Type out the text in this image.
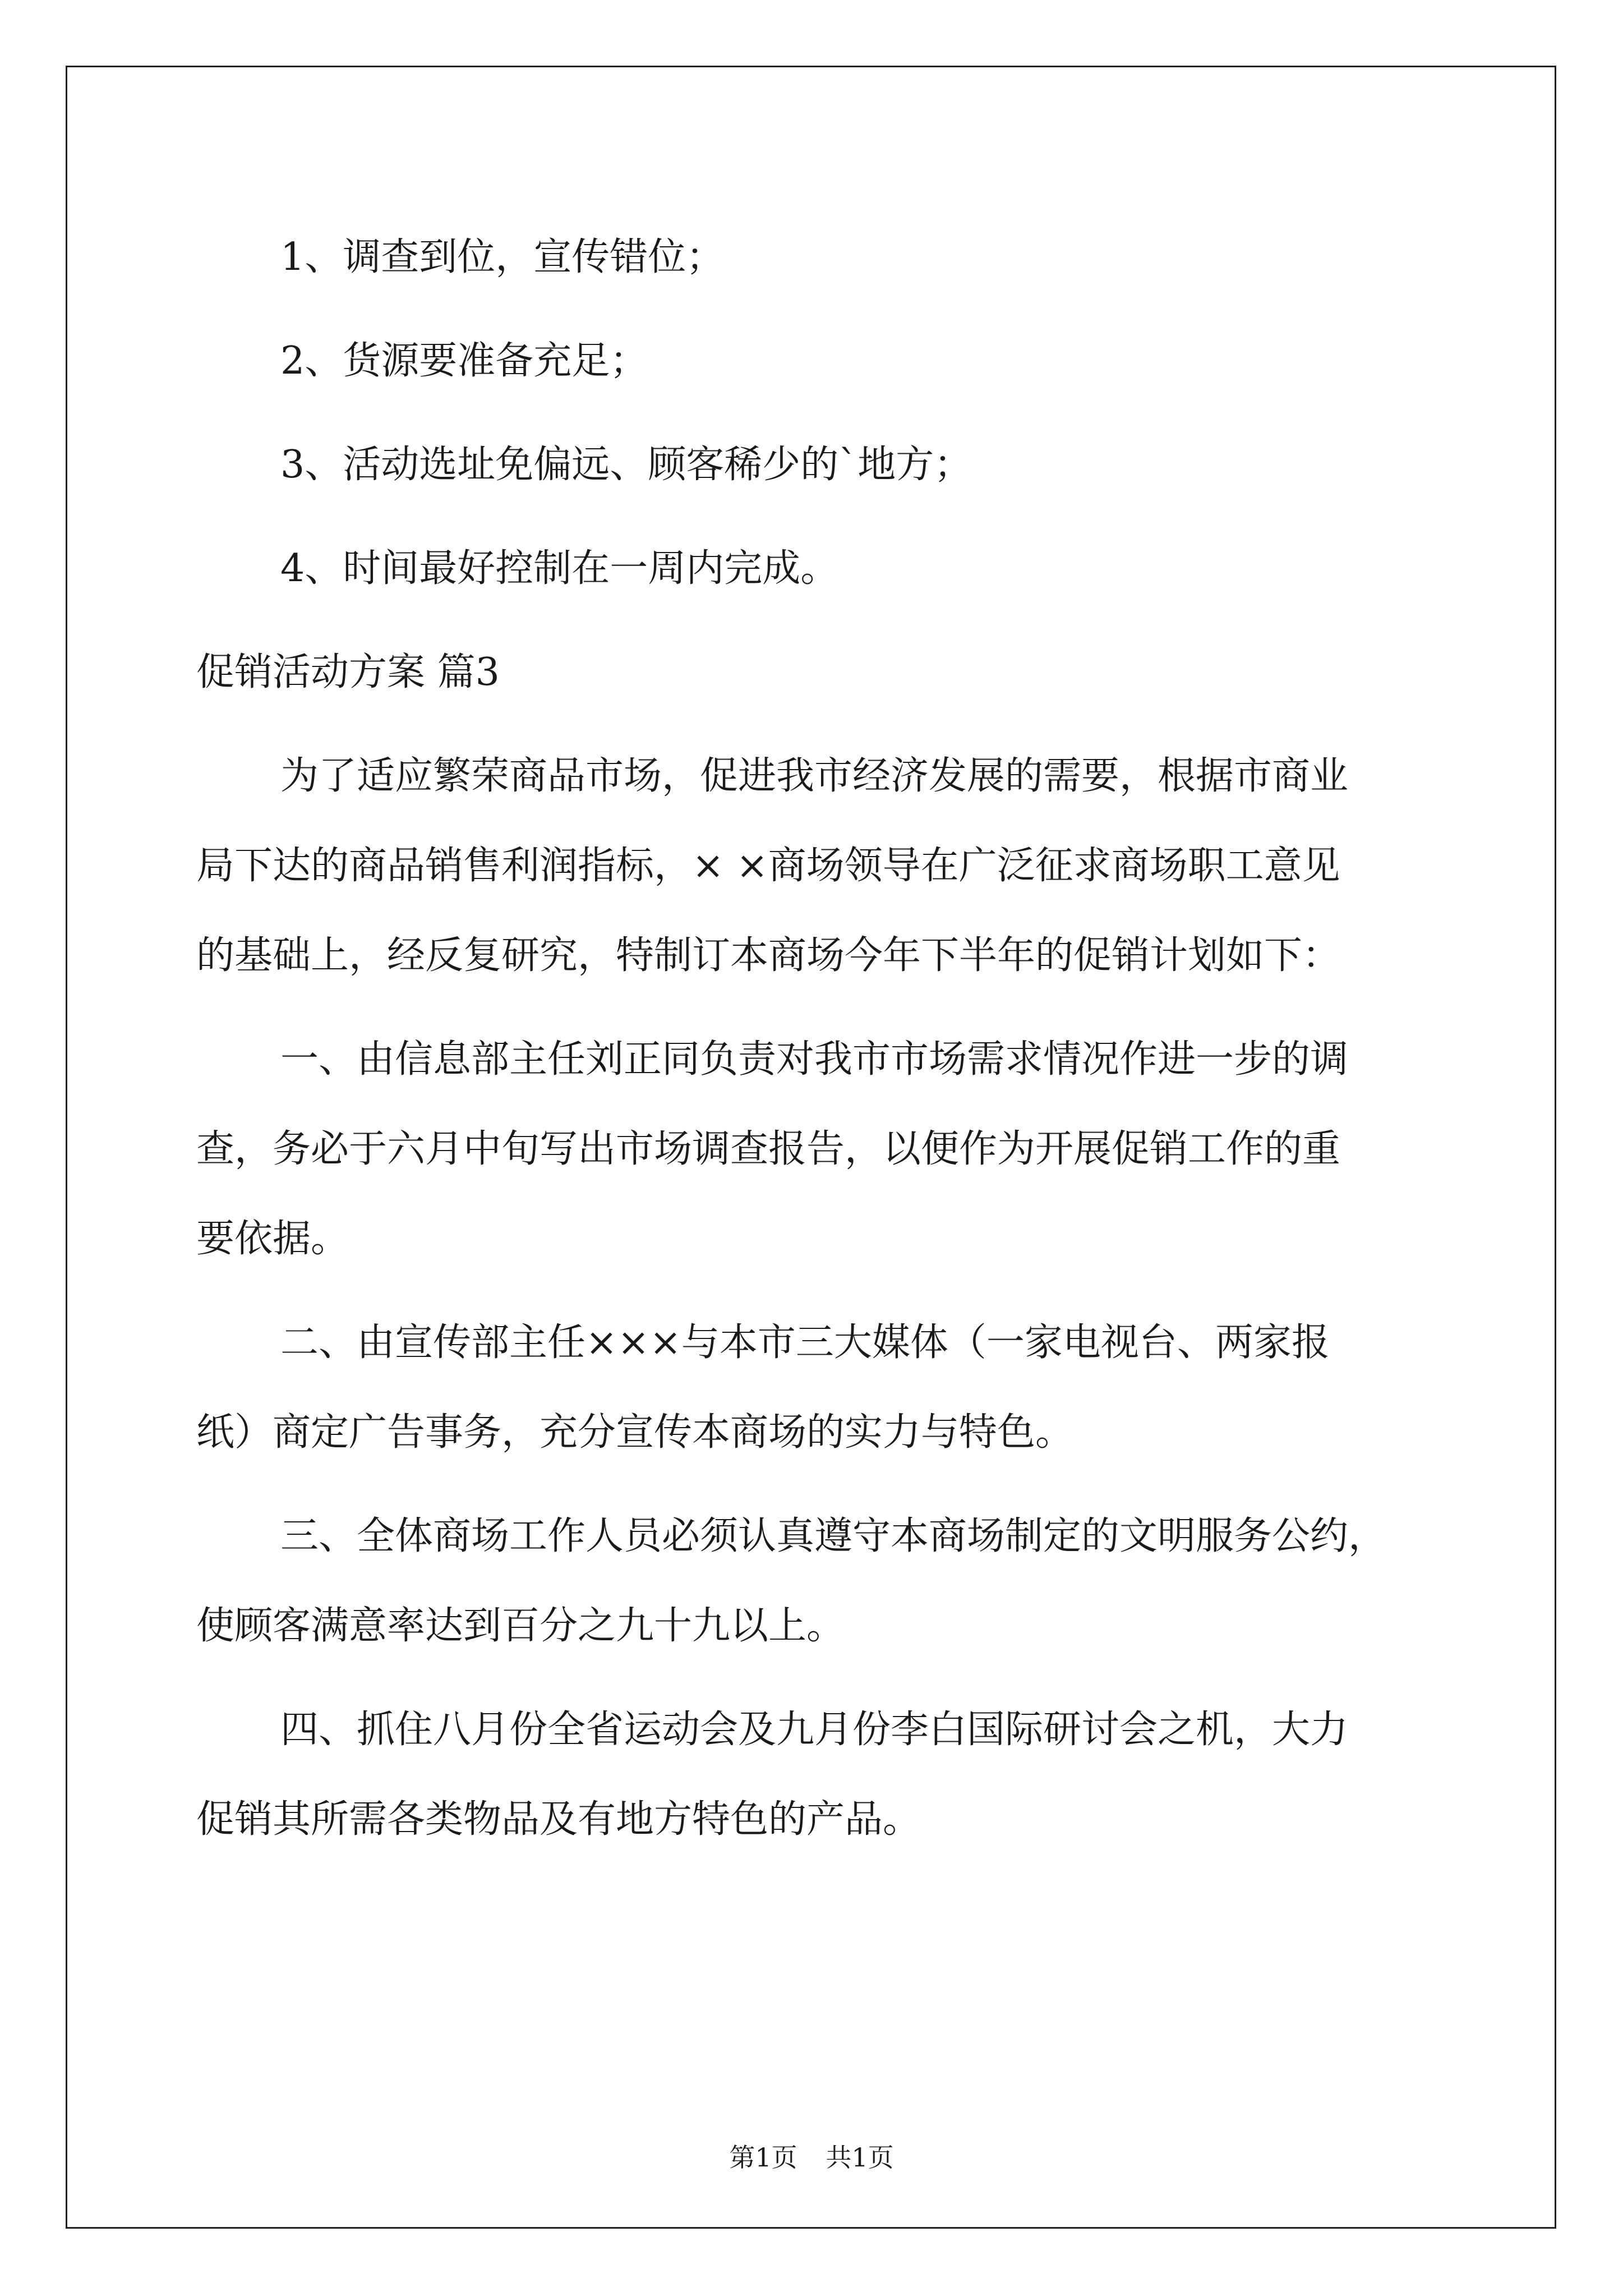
1、调查到位，宣传错位；
2、货源要准备充足；
3、活动选址免偏远、顾客稀少的`地方；
4、时间最好控制在一周内完成。
促销活动方案 篇3
为了适应繁荣商品市场，促进我市经济发展的需要，根据市商业
局下达的商品销售利润指标，× ×商场领导在广泛征求商场职工意见
的基础上，经反复研究，特制订本商场今年下半年的促销计划如下：
一、由信息部主任刘正同负责对我市市场需求情况作进一步的调
查，务必于六月中旬写出市场调查报告，以便作为开展促销工作的重
要依据。
二、由宣传部主任×××与本市三大媒体（一家电视台、两家报
纸）商定广告事务，充分宣传本商场的实力与特色。
三、全体商场工作人员必须认真遵守本商场制定的文明服务公约，
使顾客满意率达到百分之九十九以上。
四、抓住八月份全省运动会及九月份李白国际研讨会之机，大力
促销其所需各类物品及有地方特色的产品。
第1页 共1页
